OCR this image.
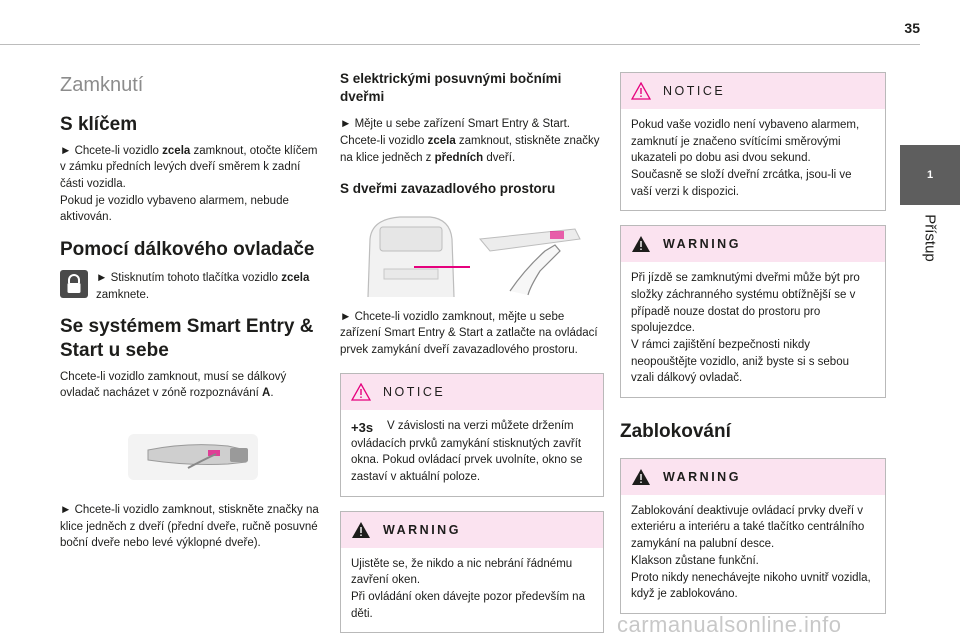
35
1
Přístup
Zamknutí
S klíčem

► Chcete-li vozidlo zcela zamknout, otočte klíčem v zámku předních levých dveří směrem k zadní části vozidla.
Pokud je vozidlo vybaveno alarmem, nebude aktivován.

Pomocí dálkového ovladače

► Stisknutím tohoto tlačítka vozidlo zcela zamknete.

Se systémem Smart Entry & Start u sebe

Chcete-li vozidlo zamknout, musí se dálkový ovladač nacházet v zóně rozpoznávání A.

► Chcete-li vozidlo zamknout, stiskněte značky na klice jedněch z dveří (přední dveře, ručně posuvné boční dveře nebo levé výklopné dveře).

S elektrickými posuvnými bočními dveřmi

► Mějte u sebe zařízení Smart Entry & Start. Chcete-li vozidlo zcela zamknout, stiskněte značky na klice jedněch z předních dveří.

S dveřmi zavazadlového prostoru

► Chcete-li vozidlo zamknout, mějte u sebe zařízení Smart Entry & Start a zatlačte na ovládací prvek zamykání dveří zavazadlového prostoru.

NOTICE
+3s V závislosti na verzi můžete držením ovládacích prvků zamykání stisknutých zavřít okna. Pokud ovládací prvek uvolníte, okno se zastaví v aktuální poloze.
WARNING
Ujistěte se, že nikdo a nic nebrání řádnému zavření oken.
Při ovládání oken dávejte pozor především na děti.
NOTICE
Pokud vaše vozidlo není vybaveno alarmem, zamknutí je značeno svítícími směrovými ukazateli po dobu asi dvou sekund.
Současně se složí dveřní zrcátka, jsou-li ve vaší verzi k dispozici.
WARNING
Při jízdě se zamknutými dveřmi může být pro složky záchranného systému obtížnější se v případě nouze dostat do prostoru pro spolujezdce.
V rámci zajištění bezpečnosti nikdy neopouštějte vozidlo, aniž byste si s sebou vzali dálkový ovladač.
Zablokování
WARNING
Zablokování deaktivuje ovládací prvky dveří v exteriéru a interiéru a také tlačítko centrálního zamykání na palubní desce.
Klakson zůstane funkční.
Proto nikdy nenechávejte nikoho uvnitř vozidla, když je zablokováno.
carmanualsonline.info
